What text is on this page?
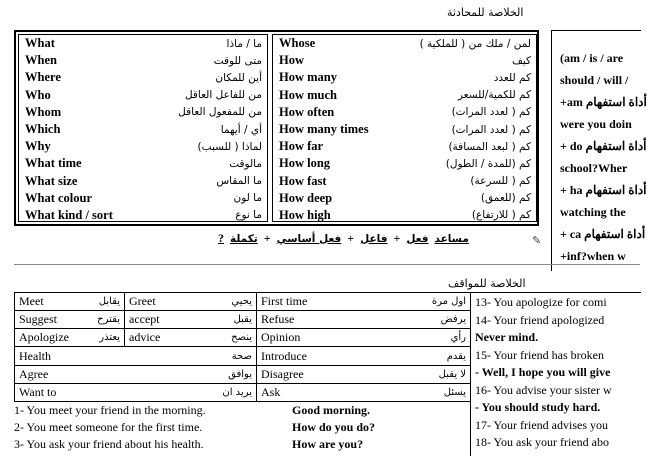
الخلاصة للمحادثة
What	ما / ماذا
When	متى للوقت
Where	أين للمكان
Who	من للفاعل العاقل
Whom	من للمفعول العاقل
Which	أي / أيهما
Why	لماذا ( للسبب)
What time	مالوقت
What size	ما المقاس
What colour	ما لون
What kind / sort	ما نوع
Whose	لمن / ملك من ( للملكية )
How	كيف
How many	كم للعدد
How much	كم للكمية/للسعر
How often	كم ( لعدد المرات)
How many times	كم ( لعدد المرات)
How far	كم ( لبعد المسافة)
How long	كم (للمدة / الطول)
How fast	كم ( للسرعة)
How deep	كم (للعمق)
How high	كم ( للارتفاع)
? تكملة + فعل أساسي + فاعل + فعل مساعد	✎
(am / is / are
should / will /
+am أداة استفهام
were you doin
+ do أداة استفهام
school?Wher
+ ha أداة استفهام
watching the
+ ca أداة استفهام
+inf?when w
الخلاصة للمواقف
Meet يقابل	Greet يحيي	First time اول مرة

Suggest يقترح	accept يقبل	Refuse يرفض

Apologize يعتذر	advice ينصح	Opinion رأي

Health صحة		Introduce يقدم

Agree يوافق		Disagree لا يقبل

Want to يريد ان		Ask يسئل
1- You meet your friend in the morning.	Good morning.
2- You meet someone for the first time.	How do you do?
3- You ask your friend about his health.	How are you?
13- You apologize for comi
14- Your friend apologized
Never mind.
15- Your friend has broken
- Well, I hope you will give
16- You advise your sister w
- You should study hard.
17- Your friend advises you
18- You ask your friend abo
